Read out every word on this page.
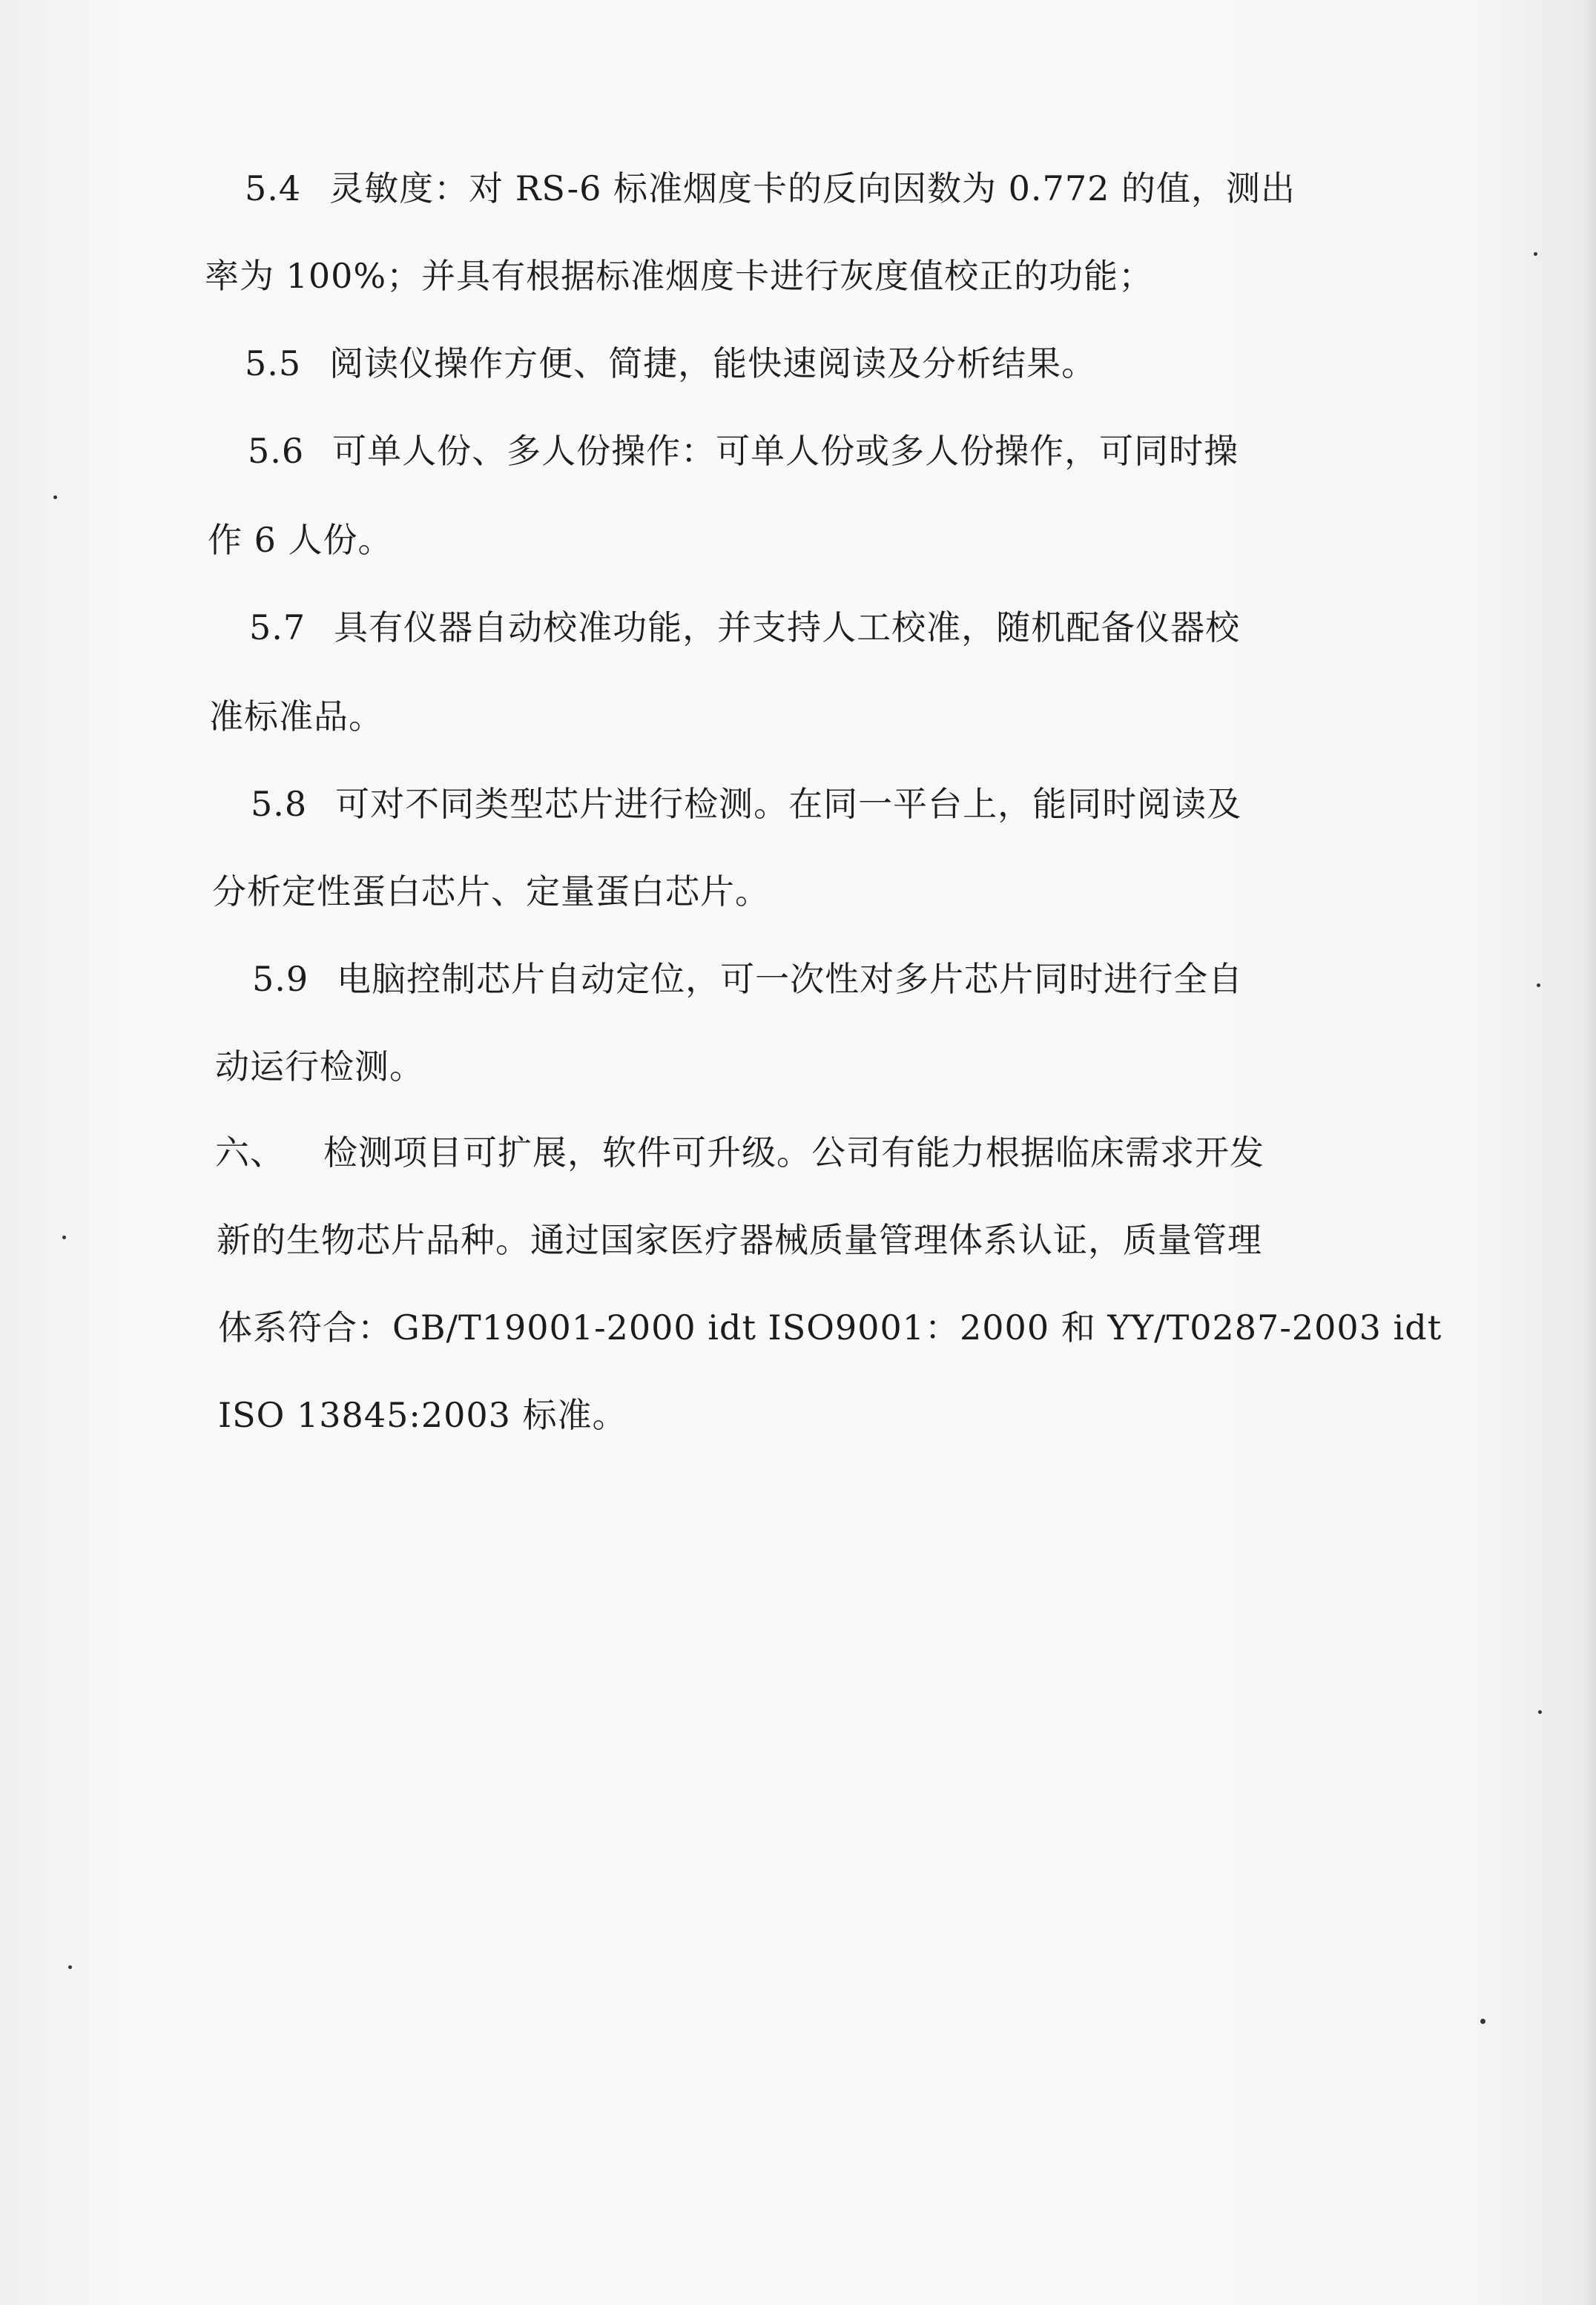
5.4 灵敏度：对 RS-6 标准烟度卡的反向因数为 0.772 的值，测出
率为 100%；并具有根据标准烟度卡进行灰度值校正的功能；
5.5 阅读仪操作方便、简捷，能快速阅读及分析结果。
5.6 可单人份、多人份操作：可单人份或多人份操作，可同时操
作 6 人份。
5.7 具有仪器自动校准功能，并支持人工校准，随机配备仪器校
准标准品。
5.8 可对不同类型芯片进行检测。在同一平台上，能同时阅读及
分析定性蛋白芯片、定量蛋白芯片。
5.9 电脑控制芯片自动定位，可一次性对多片芯片同时进行全自
动运行检测。
六、 检测项目可扩展，软件可升级。公司有能力根据临床需求开发
新的生物芯片品种。通过国家医疗器械质量管理体系认证，质量管理
体系符合：GB/T19001-2000 idt ISO9001：2000 和 YY/T0287-2003 idt
ISO 13845:2003 标准。
